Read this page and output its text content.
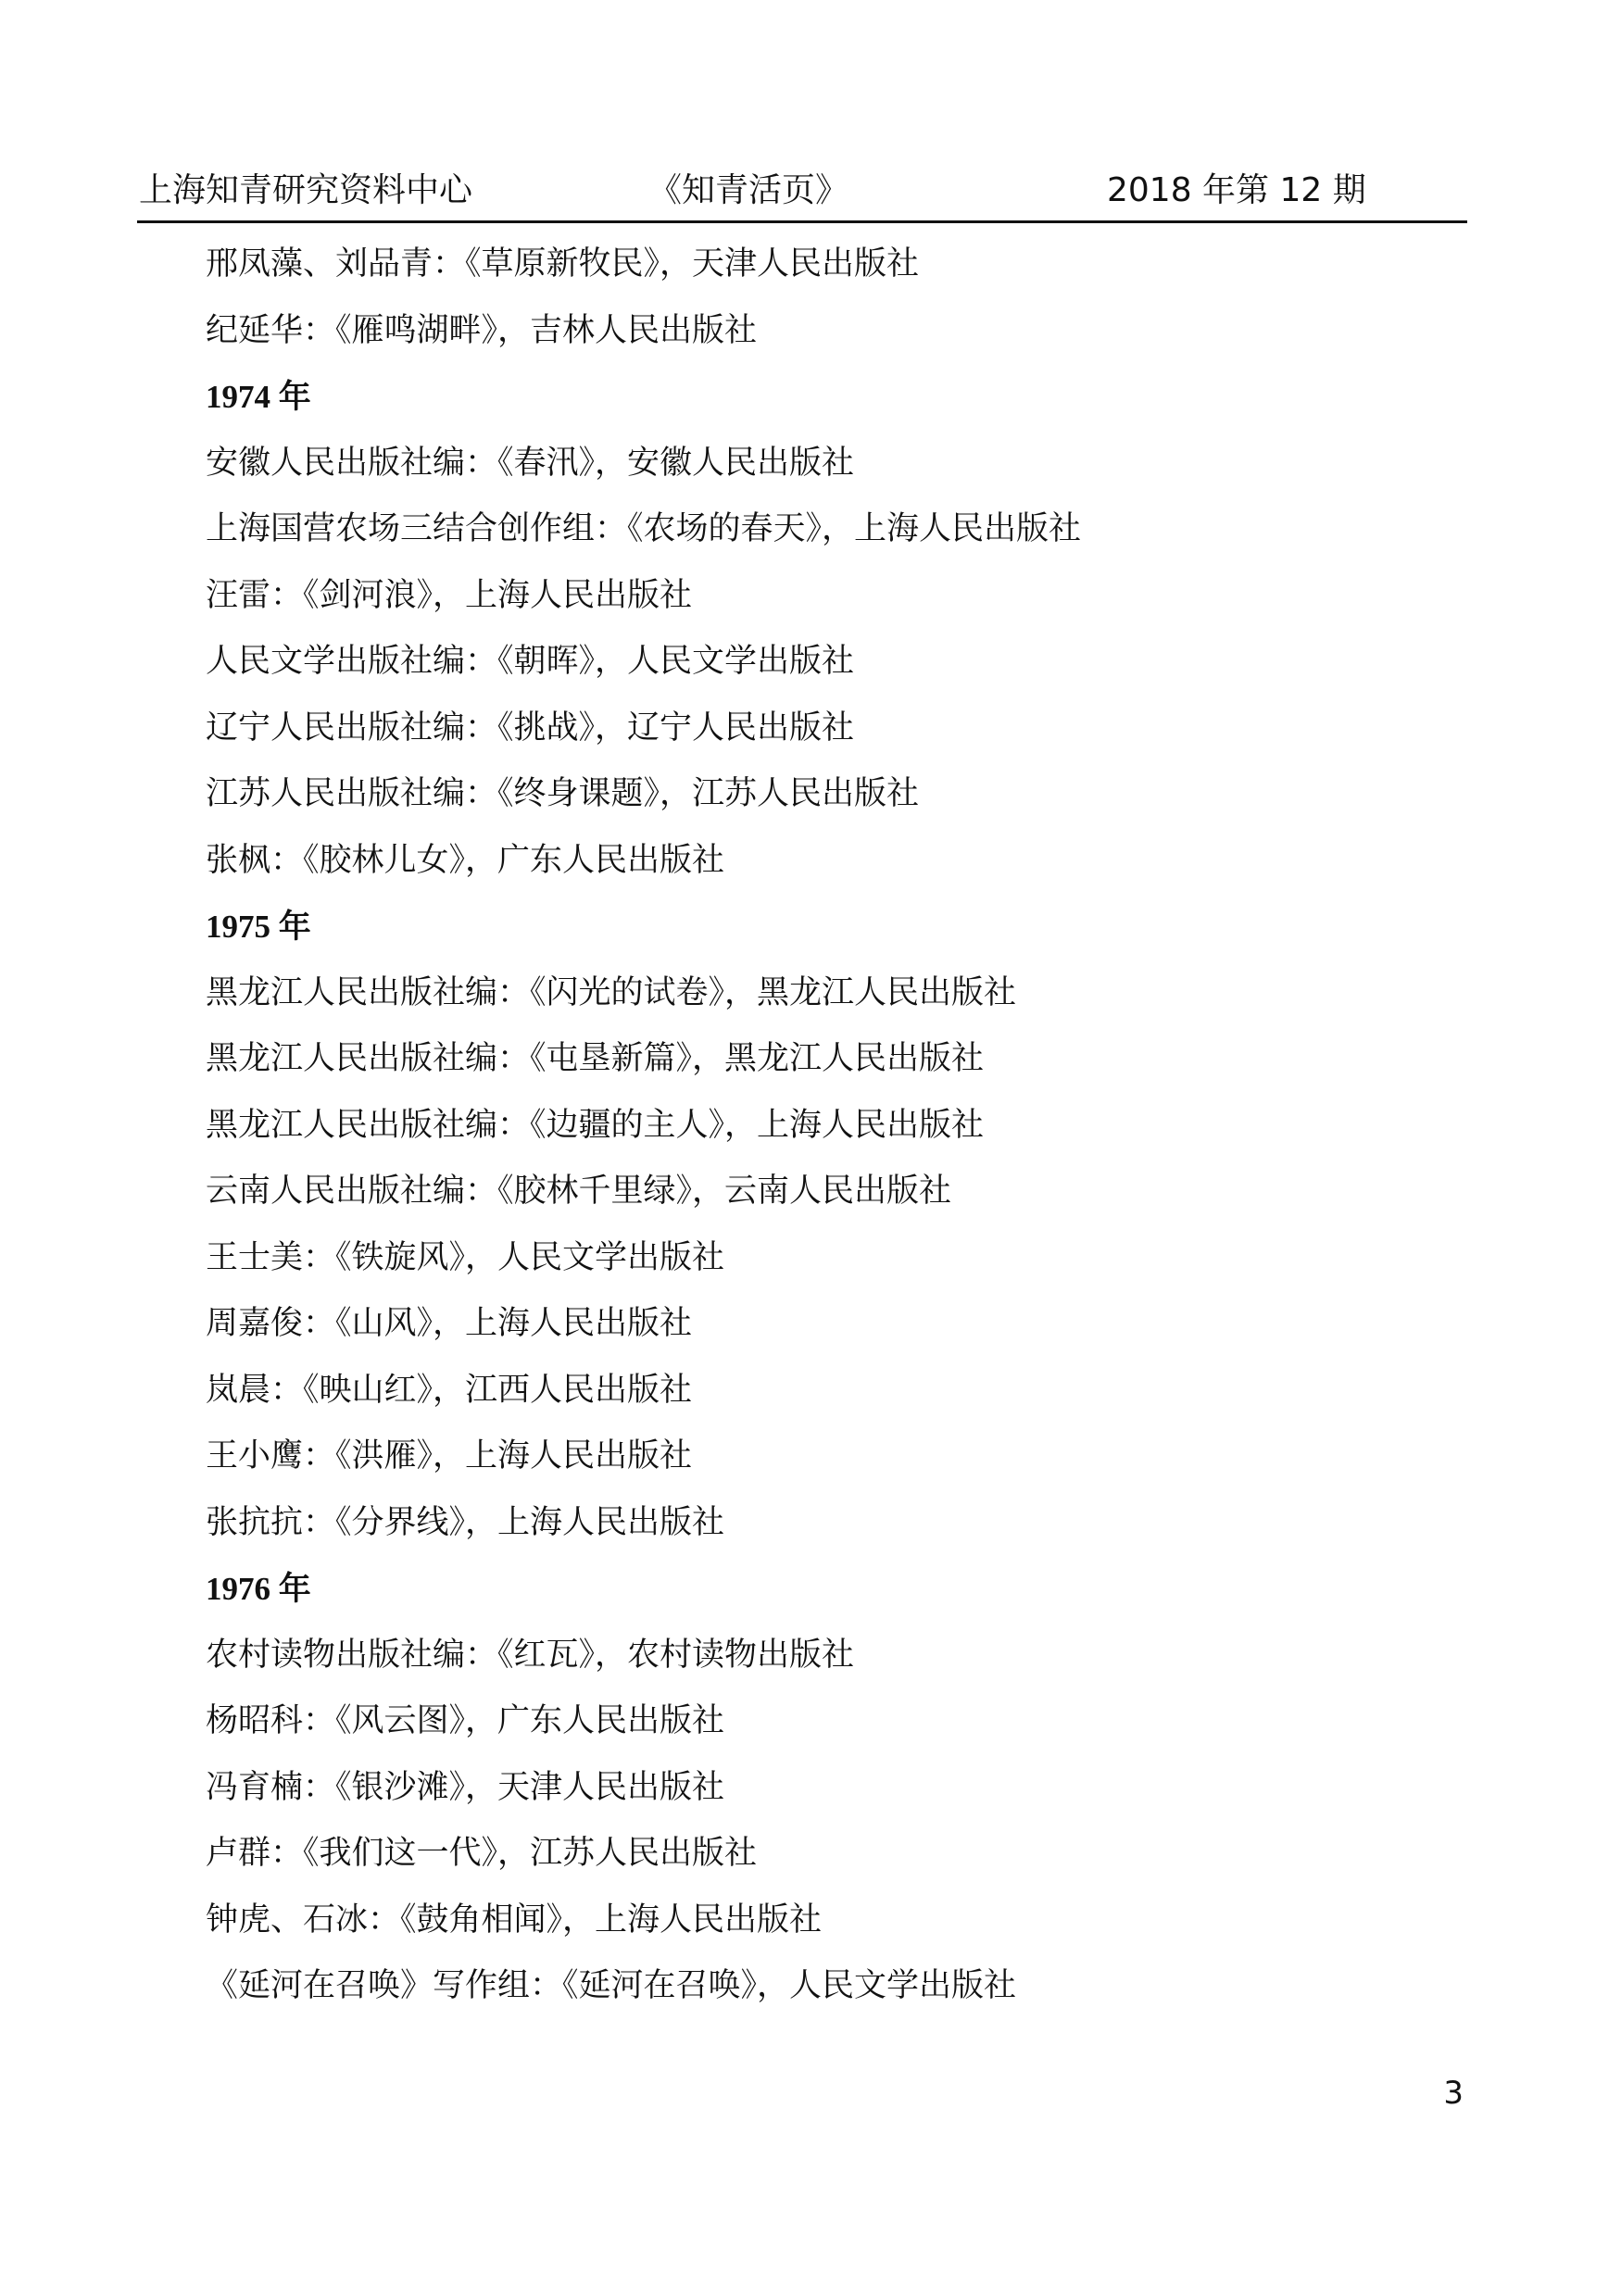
上海知青研究资料中心	《知青活页》	2018 年第 12 期
邢凤藻、刘品青：《草原新牧民》，天津人民出版社
纪延华：《雁鸣湖畔》，吉林人民出版社
1974 年
安徽人民出版社编：《春汛》，安徽人民出版社
上海国营农场三结合创作组：《农场的春天》，上海人民出版社
汪雷：《剑河浪》，上海人民出版社
人民文学出版社编：《朝晖》，人民文学出版社
辽宁人民出版社编：《挑战》，辽宁人民出版社
江苏人民出版社编：《终身课题》，江苏人民出版社
张枫：《胶林儿女》，广东人民出版社
1975 年
黑龙江人民出版社编：《闪光的试卷》，黑龙江人民出版社
黑龙江人民出版社编：《屯垦新篇》，黑龙江人民出版社
黑龙江人民出版社编：《边疆的主人》，上海人民出版社
云南人民出版社编：《胶林千里绿》，云南人民出版社
王士美：《铁旋风》，人民文学出版社
周嘉俊：《山风》，上海人民出版社
岚晨：《映山红》，江西人民出版社
王小鹰：《洪雁》，上海人民出版社
张抗抗：《分界线》，上海人民出版社
1976 年
农村读物出版社编：《红瓦》，农村读物出版社
杨昭科：《风云图》，广东人民出版社
冯育楠：《银沙滩》，天津人民出版社
卢群：《我们这一代》，江苏人民出版社
钟虎、石冰：《鼓角相闻》，上海人民出版社
《延河在召唤》写作组：《延河在召唤》，人民文学出版社
3
